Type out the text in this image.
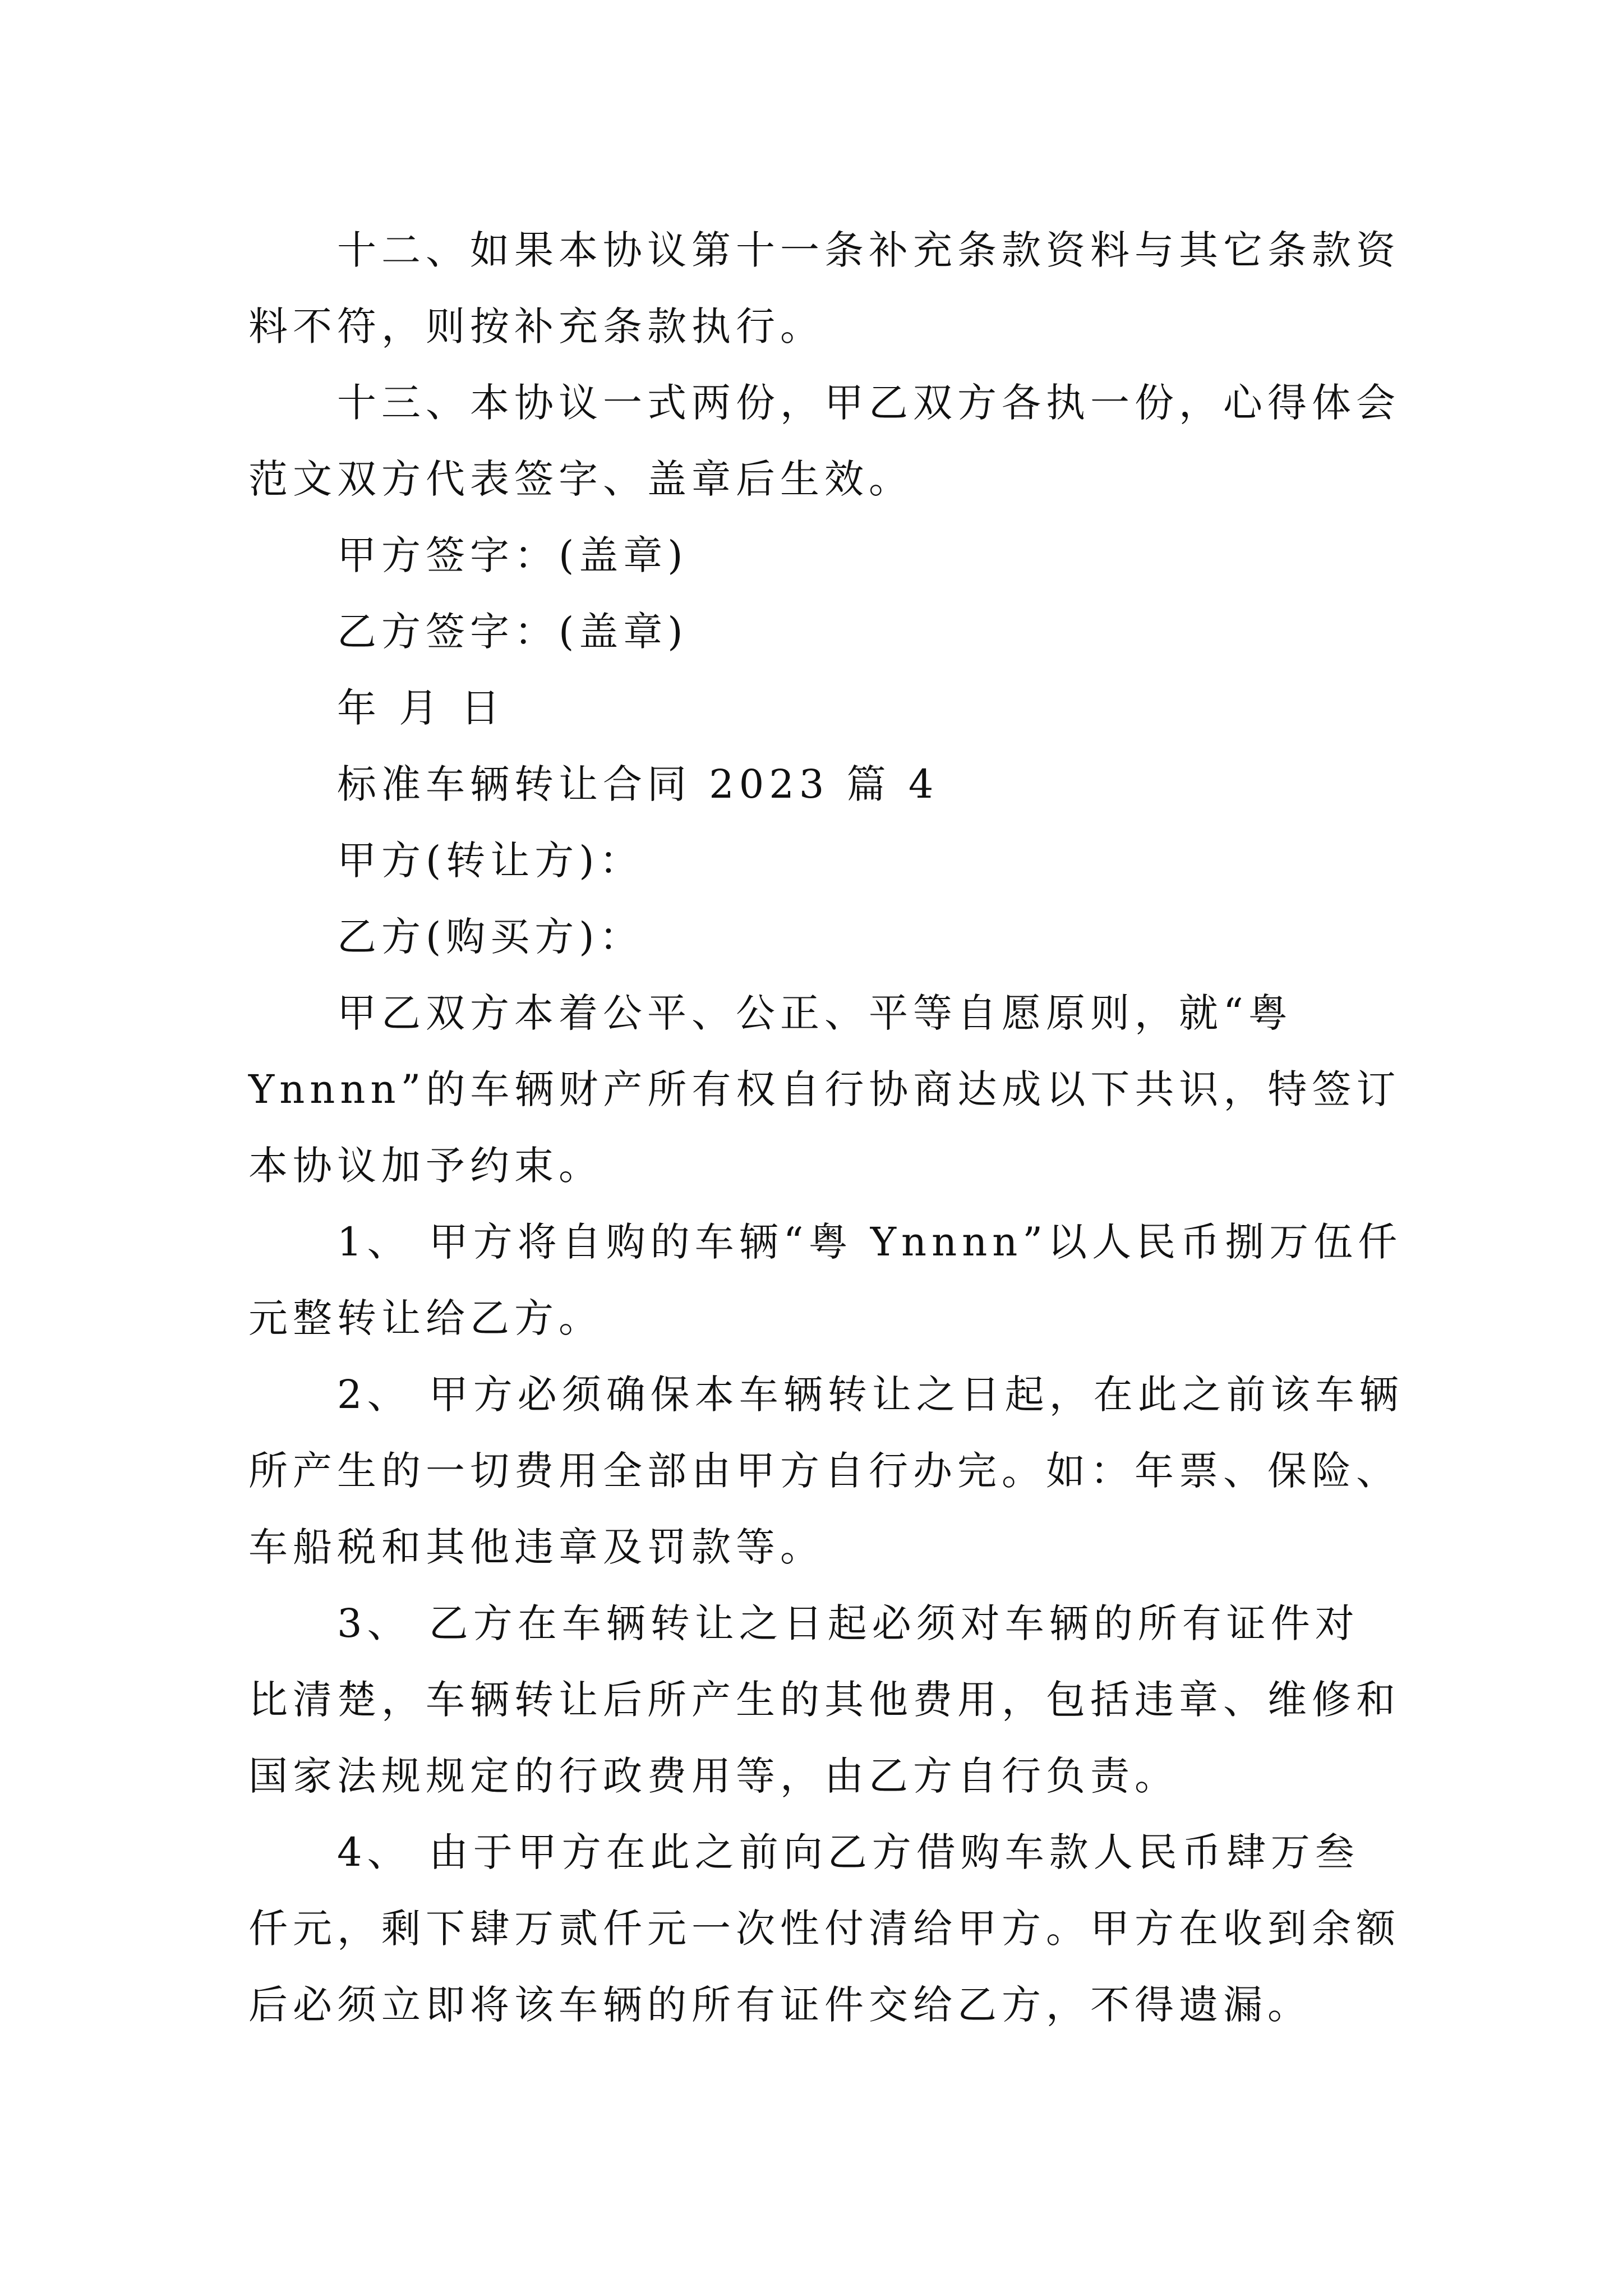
十二、如果本协议第十一条补充条款资料与其它条款资
料不符，则按补充条款执行。
十三、本协议一式两份，甲乙双方各执一份，心得体会
范文双方代表签字、盖章后生效。
甲方签字：(盖章)
乙方签字：(盖章)
年 月 日
标准车辆转让合同 2023 篇 4
甲方(转让方)：
乙方(购买方)：
甲乙双方本着公平、公正、平等自愿原则，就“粤
Ynnnn”的车辆财产所有权自行协商达成以下共识，特签订
本协议加予约束。
1、 甲方将自购的车辆“粤 Ynnnn”以人民币捌万伍仟
元整转让给乙方。
2、 甲方必须确保本车辆转让之日起，在此之前该车辆
所产生的一切费用全部由甲方自行办完。如：年票、保险、
车船税和其他违章及罚款等。
3、 乙方在车辆转让之日起必须对车辆的所有证件对
比清楚，车辆转让后所产生的其他费用，包括违章、维修和
国家法规规定的行政费用等，由乙方自行负责。
4、 由于甲方在此之前向乙方借购车款人民币肆万叁
仟元，剩下肆万贰仟元一次性付清给甲方。甲方在收到余额
后必须立即将该车辆的所有证件交给乙方，不得遗漏。
